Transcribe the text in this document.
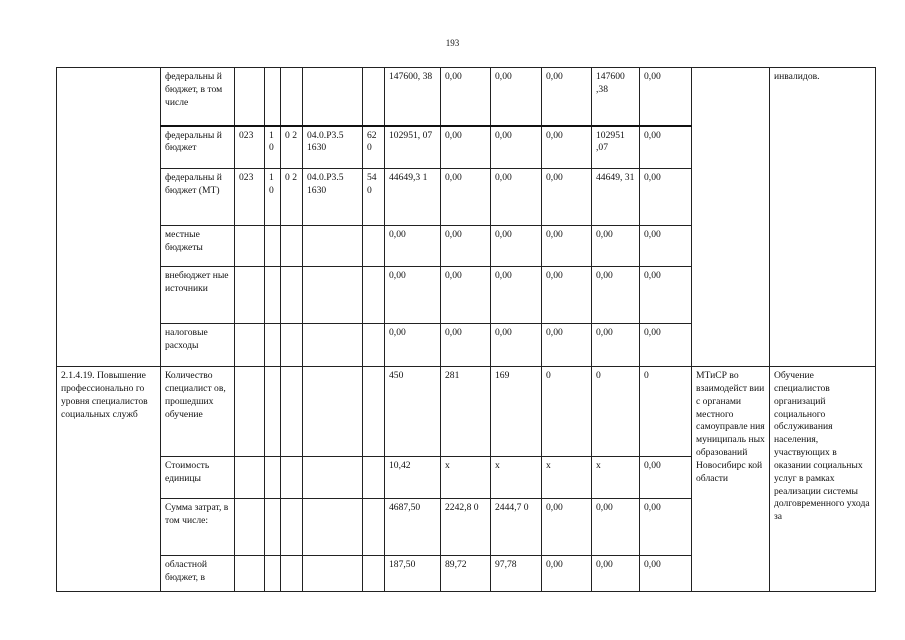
193
	федеральны й бюджет, в том числе						147600, 38	0,00	0,00	0,00	147600 ,38	0,00		инвалидов.
	федеральны й бюджет	023	1 0	0 2	04.0.P3.5 1630	62 0	102951, 07	0,00	0,00	0,00	102951 ,07	0,00		
	федеральны й бюджет (МТ)	023	1 0	0 2	04.0.P3.5 1630	54 0	44649,3 1	0,00	0,00	0,00	44649, 31	0,00		
	местные бюджеты						0,00	0,00	0,00	0,00	0,00	0,00		
	внебюджет ные источники						0,00	0,00	0,00	0,00	0,00	0,00		
	налоговые расходы						0,00	0,00	0,00	0,00	0,00	0,00		
2.1.4.19. Повышение профессионально го уровня специалистов социальных служб	Количество специалист ов, прошедших обучение						450	281	169	0	0	0	МТиСР во взаимодейст вии с органами местного самоуправле ния муниципаль ных образований Новосибирс кой области	Обучение специалистов организаций социального обслуживания населения, участвующих в оказании социальных услуг в рамках реализации системы долговременного ухода за
	Стоимость единицы						10,42	х	х	х	х	0,00		
	Сумма затрат, в том числе:						4687,50	2242,8 0	2444,7 0	0,00	0,00	0,00		
	областной бюджет, в						187,50	89,72	97,78	0,00	0,00	0,00		
